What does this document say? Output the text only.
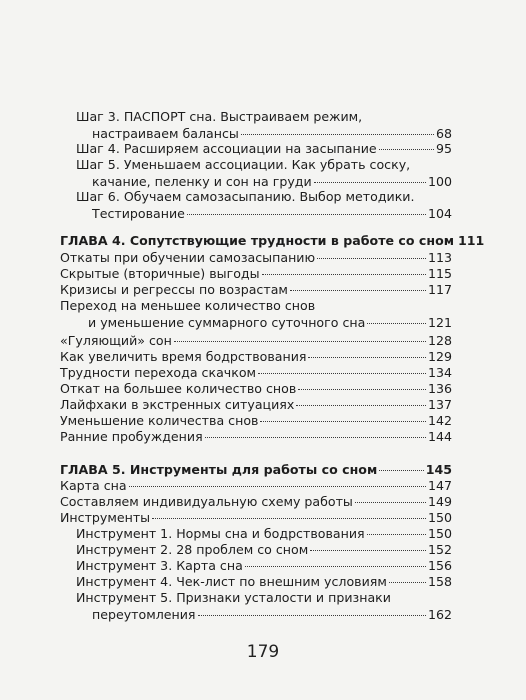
Шаг 3. ПАСПОРТ сна. Выстраиваем режим,
настраиваем балансы	68
Шаг 4. Расширяем ассоциации на засыпание	95
Шаг 5. Уменьшаем ассоциации. Как убрать соску,
качание, пеленку и сон на груди	100
Шаг 6. Обучаем самозасыпанию. Выбор методики.
Тестирование	104
ГЛАВА 4. Сопутствующие трудности в работе со сном 111
Откаты при обучении самозасыпанию	113
Скрытые (вторичные) выгоды	115
Кризисы и регрессы по возрастам	117
Переход на меньшее количество снов
и уменьшение суммарного суточного сна	121
«Гуляющий» сон	128
Как увеличить время бодрствования	129
Трудности перехода скачком	134
Откат на большее количество снов	136
Лайфхаки в экстренных ситуациях	137
Уменьшение количества снов	142
Ранние пробуждения	144
ГЛАВА 5. Инструменты для работы со сном	145
Карта сна	147
Составляем индивидуальную схему работы	149
Инструменты	150
Инструмент 1. Нормы сна и бодрствования	150
Инструмент 2. 28 проблем со сном	152
Инструмент 3. Карта сна	156
Инструмент 4. Чек-лист по внешним условиям	158
Инструмент 5. Признаки усталости и признаки
переутомления	162
179
